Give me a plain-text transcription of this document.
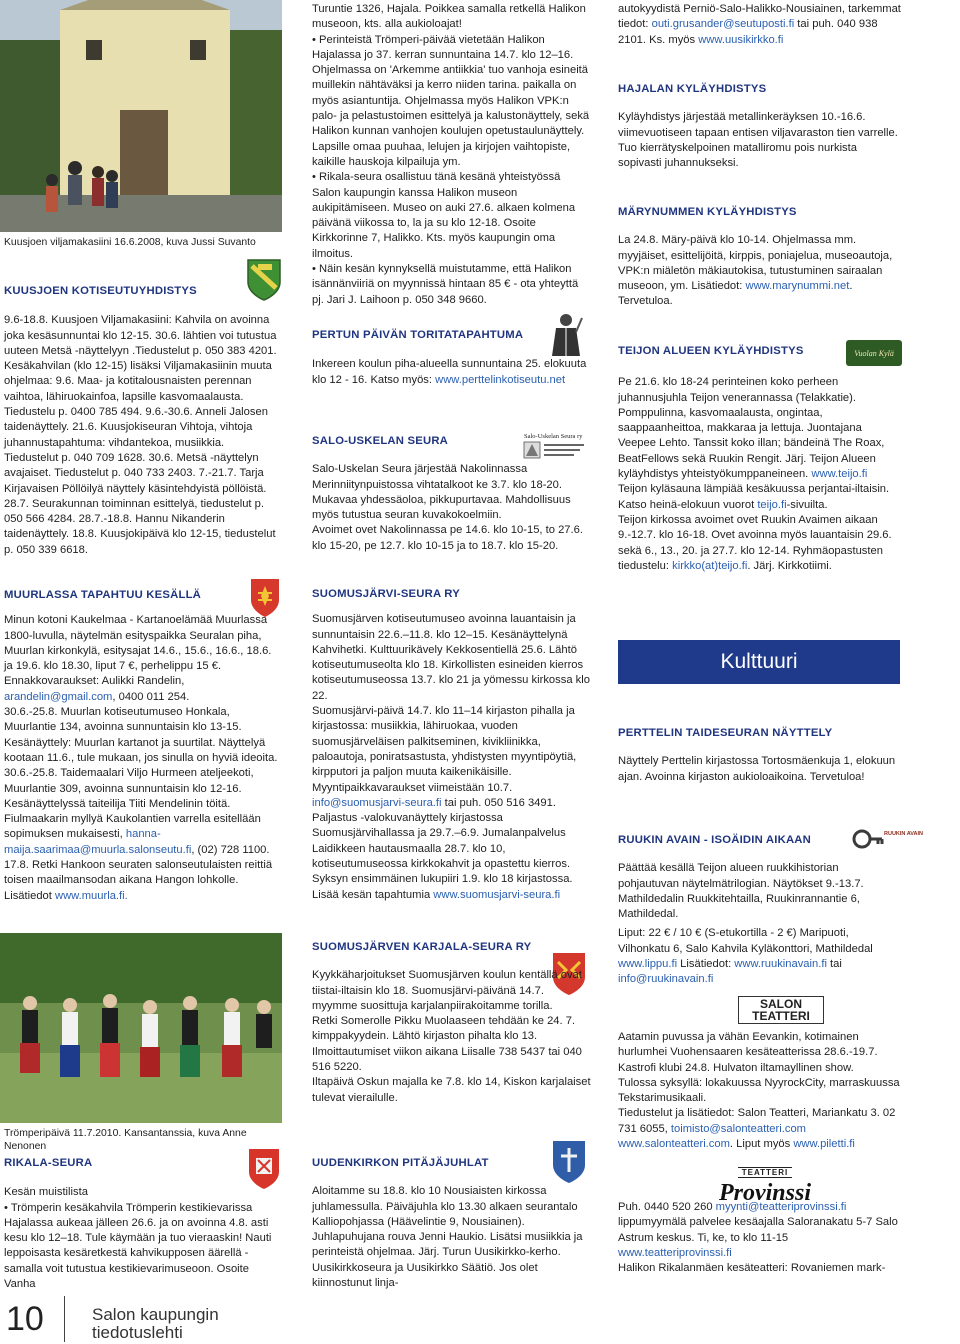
Kuusjoen viljamakasiini 16.6.2008, kuva Jussi Suvanto
KUUSJOEN KOTISEUTUYHDISTYS

9.6-18.8. Kuusjoen Viljamakasiini: Kahvila on avoinna joka kesäsunnuntai klo 12-15. 30.6. lähtien voi tutustua uuteen Metsä -näyttelyyn .Tiedustelut p. 050 383 4201. Kesäkahvilan (klo 12-15) lisäksi Viljamakasiinin muuta ohjelmaa: 9.6. Maa- ja kotitalousnaisten perennan vaihtoa, lähiruokainfoa, lapsille kasvomaalausta. Tiedustelu p. 0400 785 494. 9.6.-30.6. Anneli Jalosen taidenäyttely. 21.6. Kuusjokiseuran Vihtoja, vihtoja juhannustapahtuma: vihdantekoa, musiikkia. Tiedustelut p. 040 709 1628. 30.6. Metsä -näyttelyn avajaiset. Tiedustelut p. 040 733 2403. 7.-21.7. Tarja Kirjavaisen Pöllöilyä näyttely käsintehdyistä pöllöistä. 28.7. Seurakunnan toiminnan esittelyä, tiedustelut p. 050 566 4284. 28.7.-18.8. Hannu Nikanderin taidenäyttely. 18.8. Kuusjokipäivä klo 12-15, tiedustelut p. 050 339 6618.

MUURLASSA TAPAHTUU KESÄLLÄ

Minun kotoni Kaukelmaa - Kartanoelämää Muurlassa 1800-luvulla, näytelmän esityspaikka Seuralan piha, Muurlan kirkonkylä, esitysajat 14.6., 15.6., 16.6., 18.6. ja 19.6. klo 18.30, liput 7 €, perhelippu 15 €. Ennakkovaraukset: Aulikki Randelin, arandelin@gmail.com, 0400 011 254.

30.6.-25.8. Muurlan kotiseutumuseo Honkala, Muurlantie 134, avoinna sunnuntaisin klo 13-15. Kesänäyttely: Muurlan kartanot ja suurtilat. Näyttelyä kootaan 11.6., tule mukaan, jos sinulla on hyviä ideoita.

30.6.-25.8. Taidemaalari Viljo Hurmeen ateljeekoti, Muurlantie 309, avoinna sunnuntaisin klo 12-16. Kesänäyttelyssä taiteilija Tiiti Mendelinin töitä.

Fiulmaakarin myllyä Kaukolantien varrella esitellään sopimuksen mukaisesti, hanna-maija.saarimaa@muurla.salonseutu.fi, (02) 728 1100.

17.8. Retki Hankoon seuraten salonseutulaisten reittiä toisen maailmansodan aikana Hangon lohkolle. Lisätiedot www.muurla.fi.

Trömperipäivä 11.7.2010. Kansantanssia, kuva Anne Nenonen
RIKALA-SEURA

Kesän muistilista

• Trömperin kesäkahvila Trömperin kestikievarissa Hajalassa aukeaa jälleen 26.6. ja on avoinna 4.8. asti kesu klo 12–18. Tule käymään ja tuo vieraaskin! Nauti leppoisasta kesäretkestä kahvikupposen äärellä - samalla voit tutustua kestikievarimuseoon. Osoite Vanha

Turuntie 1326, Hajala. Poikkea samalla retkellä Halikon museoon, kts. alla aukioloajat!

• Perinteistä Trömperi-päivää vietetään Halikon Hajalassa jo 37. kerran sunnuntaina 14.7. klo 12–16. Ohjelmassa on 'Arkemme antiikkia' tuo vanhoja esineitä muillekin nähtäväksi ja kerro niiden tarina. paikalla on myös asiantuntija. Ohjelmassa myös Halikon VPK:n palo- ja pelastustoimen esittelyä ja kalustonäyttely, sekä Halikon kunnan vanhojen koulujen opetustaulunäyttely. Lapsille omaa puuhaa, lelujen ja kirjojen vaihtopiste, kaikille hauskoja kilpailuja ym.

• Rikala-seura osallistuu tänä kesänä yhteistyössä Salon kaupungin kanssa Halikon museon aukipitämiseen. Museo on auki 27.6. alkaen kolmena päivänä viikossa to, la ja su klo 12-18. Osoite Kirkkorinne 7, Halikko. Kts. myös kaupungin oma ilmoitus.

• Näin kesän kynnyksellä muistutamme, että Halikon isännänviiriä on myynnissä hintaan 85 € - ota yhteyttä pj. Jari J. Laihoon p. 050 348 9660.

PERTUN PÄIVÄN TORITATAPAHTUMA

Inkereen koulun piha-alueella sunnuntaina 25. elokuuta klo 12 - 16. Katso myös: www.perttelinkotiseutu.net

Salo-Uskelan Seura ry
SALO-USKELAN SEURA

Salo-Uskelan Seura järjestää Nakolinnassa Merinniitynpuistossa vihtatalkoot ke 3.7. klo 18-20. Mukavaa yhdessäoloa, pikkupurtavaa. Mahdollisuus myös tutustua seuran kuvakokoelmiin.

Avoimet ovet Nakolinnassa pe 14.6. klo 10-15, to 27.6. klo 15-20, pe 12.7. klo 10-15 ja to 18.7. klo 15-20.

SUOMUSJÄRVI-SEURA RY

Suomusjärven kotiseutumuseo avoinna lauantaisin ja sunnuntaisin 22.6.–11.8. klo 12–15. Kesänäyttelynä Kahvihetki. Kulttuurikävely Kekkosentiellä 25.6. Lähtö kotiseutumuseolta klo 18. Kirkollisten esineiden kierros kotiseutumuseossa 13.7. klo 21 ja yömessu kirkossa klo 22.

Suomusjärvi-päivä 14.7. klo 11–14 kirjaston pihalla ja kirjastossa: musiikkia, lähiruokaa, vuoden suomusjärveläisen palkitseminen, kivikliinikka, paloautoja, poniratsastusta, yhdistysten myyntipöytiä, kirpputori ja paljon muuta kaikenikäisille. Myyntipaikkavaraukset viimeistään 10.7. info@suomusjarvi-seura.fi tai puh. 050 516 3491.

Paljastus -valokuvanäyttely kirjastossa Suomusjärvihallassa ja 29.7.–6.9. Jumalanpalvelus Laidikkeen hautausmaalla 28.7. klo 10, kotiseutumuseossa kirkkokahvit ja opastettu kierros. Syksyn ensimmäinen lukupiiri 1.9. klo 18 kirjastossa. Lisää kesän tapahtumia www.suomusjarvi-seura.fi

SUOMUSJÄRVEN KARJALA-SEURA RY

Kyykkäharjoitukset Suomusjärven koulun kentällä ovat tiistai-iltaisin klo 18. Suomusjärvi-päivänä 14.7. myymme suosittuja karjalanpiirakoitamme torilla.

Retki Somerolle Pikku Muolaaseen tehdään ke 24. 7. kimppakyydein. Lähtö kirjaston pihalta klo 13. Ilmoittautumiset viikon aikana Liisalle 738 5437 tai 040 516 5220.

Iltapäivä Oskun majalla ke 7.8. klo 14, Kiskon karjalaiset tulevat vierailulle.

UUDENKIRKON PITÄJÄJUHLAT

Aloitamme su 18.8. klo 10 Nousiaisten kirkossa juhlamessulla. Päiväjuhla klo 13.30 alkaen seurantalo Kalliopohjassa (Häävelintie 9, Nousiainen). Juhlapuhujana rouva Jenni Haukio. Lisätsi musiikkia ja perinteistä ohjelmaa. Järj. Turun Uusikirkko-kerho. Uusikirkkoseura ja Uusikirkko Säätiö. Jos olet kiinnostunut linja-

autokyydistä Perniö-Salo-Halikko-Nousiainen, tarkemmat tiedot: outi.grusander@seutuposti.fi tai puh. 040 938 2101. Ks. myös www.uusikirkko.fi

HAJALAN KYLÄYHDISTYS

Kyläyhdistys järjestää metallinkeräyksen 10.-16.6. viimevuotiseen tapaan entisen viljavaraston tien varrelle. Tuo kierrätyskelpoinen matalliromu pois nurkista sopivasti juhannukseksi.

MÄRYNUMMEN KYLÄYHDISTYS

La 24.8. Märy-päivä klo 10-14. Ohjelmassa mm. myyjäiset, esittelijöitä, kirppis, poniajelua, museoautoja, VPK:n miäletön mäkiautokisa, tutustuminen sairaalan museoon, ym. Lisätiedot: www.marynummi.net. Tervetuloa.

Vuolan Kylä
TEIJON ALUEEN KYLÄYHDISTYS

Pe 21.6. klo 18-24 perinteinen koko perheen juhannusjuhla Teijon venerannassa (Telakkatie). Pomppulinna, kasvomaalausta, ongintaa, saappaanheittoa, makkaraa ja lettuja. Juontajana Veepee Lehto. Tanssit koko illan; bändeinä The Roax, BeatFellows sekä Ruukin Rengit. Järj. Teijon Alueen kyläyhdistys yhteistyökumppaneineen. www.teijo.fi

Teijon kyläsauna lämpiää kesäkuussa perjantai-iltaisin. Katso heinä-elokuun vuorot teijo.fi-sivuilta.

Teijon kirkossa avoimet ovet Ruukin Avaimen aikaan 9.-12.7. klo 16-18. Ovet avoinna myös lauantaisin 29.6. sekä 6., 13., 20. ja 27.7. klo 12-14. Ryhmäopastusten tiedustelu: kirkko(at)teijo.fi. Järj. Kirkkotiimi.

Kulttuuri
PERTTELIN TAIDESEURAN NÄYTTELY

Näyttely Perttelin kirjastossa Tortosmäenkuja 1, elokuun ajan. Avoinna kirjaston aukioloaikoina. Tervetuloa!

RUUKIN AVAIN
RUUKIN AVAIN - ISOÄIDIN AIKAAN

Päättää kesällä Teijon alueen ruukkihistorian pohjautuvan näytelmätrilogian. Näytökset 9.-13.7. Mathildedalin Ruukkitehtailla, Ruukinrannantie 6, Mathildedal.

Liput: 22 € / 10 € (S-etukortilla - 2 €) Maripuoti, Vilhonkatu 6, Salo Kahvila Kyläkonttori, Mathildedal www.lippu.fi Lisätiedot: www.ruukinavain.fi tai info@ruukinavain.fi

SALON TEATTERI

Aatamin puvussa ja vähän Eevankin, kotimainen hurlumhei Vuohensaaren kesäteatterissa 28.6.-19.7. Kastrofi klubi 24.8. Hulvaton iltamayllinen show.

Tulossa syksyllä: lokakuussa NyyrockCity, marraskuussa Tekstarimusikaali.

Tiedustelut ja lisätiedot: Salon Teatteri, Mariankatu 3. 02 731 6055, toimisto@salonteatteri.com www.salonteatteri.com. Liput myös www.piletti.fi

TEATTERI
Provinssi

Puh. 0440 520 260 myynti@teatteriprovinssi.fi lippumyymälä palvelee kesäajalla Saloranakatu 5-7 Salo Astrum keskus. Ti, ke, to klo 11-15 www.teatteriprovinssi.fi

Halikon Rikalanmäen kesäteatteri: Rovaniemen mark-

10	Salon kaupungin
tiedotuslehti
